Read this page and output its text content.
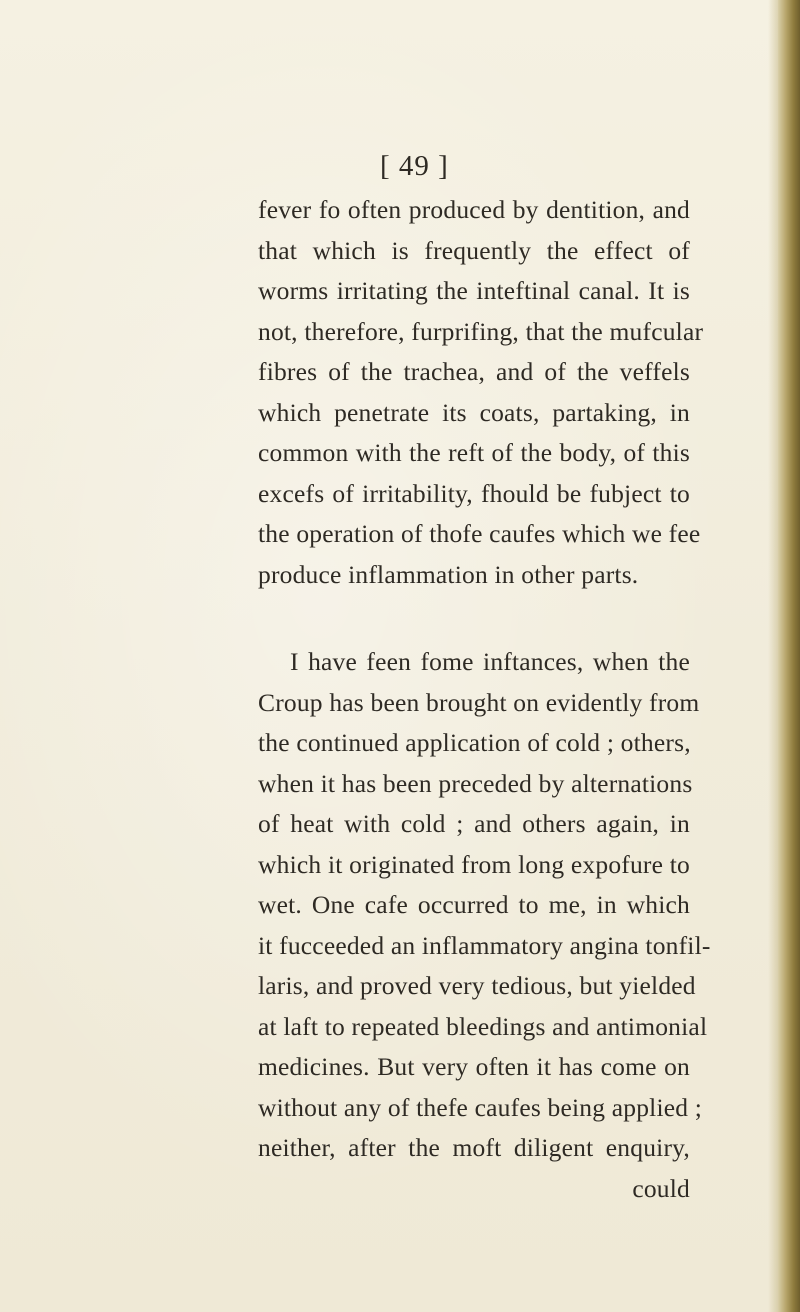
[ 49 ]
fever fo often produced by dentition, and
that which is frequently the effect of
worms irritating the inteftinal canal. It is
not, therefore, furprifing, that the mufcular
fibres of the trachea, and of the veffels
which penetrate its coats, partaking, in
common with the reft of the body, of this
excefs of irritability, fhould be fubject to
the operation of thofe caufes which we fee
produce inflammation in other parts.
I have feen fome inftances, when the
Croup has been brought on evidently from
the continued application of cold ; others,
when it has been preceded by alternations
of heat with cold ; and others again, in
which it originated from long expofure to
wet. One cafe occurred to me, in which
it fucceeded an inflammatory angina tonfil-
laris, and proved very tedious, but yielded
at laft to repeated bleedings and antimonial
medicines. But very often it has come on
without any of thefe caufes being applied ;
neither, after the moft diligent enquiry,
could
